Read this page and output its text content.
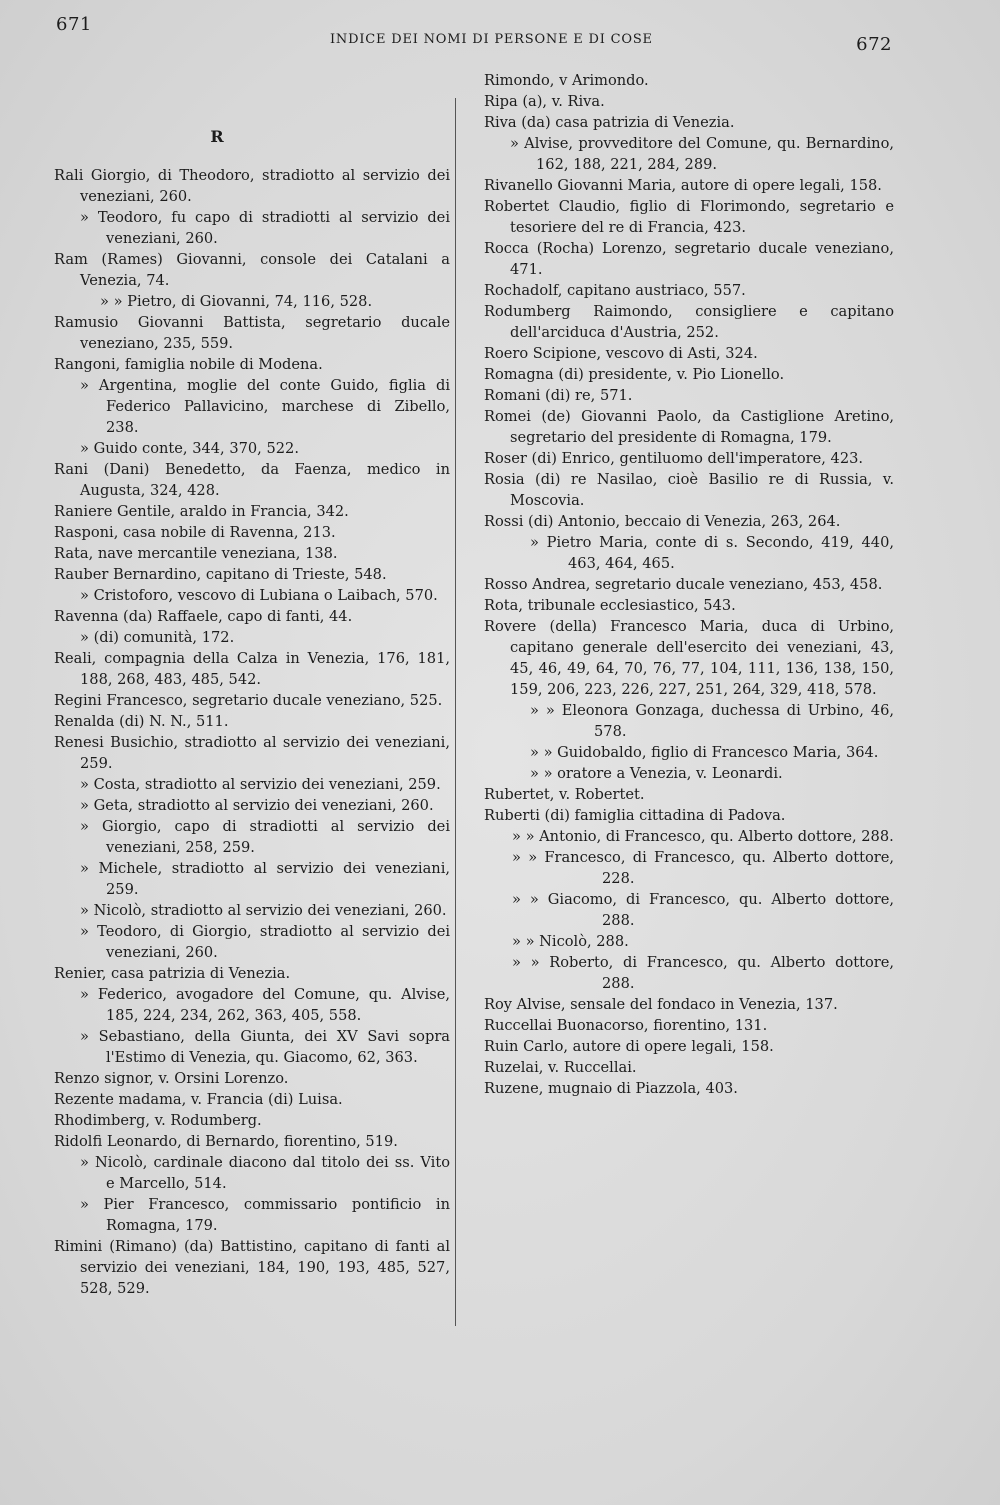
671
INDICE DEI NOMI DI PERSONE E DI COSE	672
R
Rali Giorgio, di Theodoro, stradiotto al servizio dei veneziani, 260.
» Teodoro, fu capo di stradiotti al servizio dei veneziani, 260.
Ram (Rames) Giovanni, console dei Catalani a Venezia, 74.
» » Pietro, di Giovanni, 74, 116, 528.
Ramusio Giovanni Battista, segretario ducale veneziano, 235, 559.
Rangoni, famiglia nobile di Modena.
» Argentina, moglie del conte Guido, figlia di Federico Pallavicino, marchese di Zibello, 238.
» Guido conte, 344, 370, 522.
Rani (Dani) Benedetto, da Faenza, medico in Augusta, 324, 428.
Raniere Gentile, araldo in Francia, 342.
Rasponi, casa nobile di Ravenna, 213.
Rata, nave mercantile veneziana, 138.
Rauber Bernardino, capitano di Trieste, 548.
» Cristoforo, vescovo di Lubiana o Laibach, 570.
Ravenna (da) Raffaele, capo di fanti, 44.
» (di) comunità, 172.
Reali, compagnia della Calza in Venezia, 176, 181, 188, 268, 483, 485, 542.
Regini Francesco, segretario ducale veneziano, 525.
Renalda (di) N. N., 511.
Renesi Busichio, stradiotto al servizio dei veneziani, 259.
» Costa, stradiotto al servizio dei veneziani, 259.
» Geta, stradiotto al servizio dei veneziani, 260.
» Giorgio, capo di stradiotti al servizio dei veneziani, 258, 259.
» Michele, stradiotto al servizio dei veneziani, 259.
» Nicolò, stradiotto al servizio dei veneziani, 260.
» Teodoro, di Giorgio, stradiotto al servizio dei veneziani, 260.
Renier, casa patrizia di Venezia.
» Federico, avogadore del Comune, qu. Alvise, 185, 224, 234, 262, 363, 405, 558.
» Sebastiano, della Giunta, dei XV Savi sopra l'Estimo di Venezia, qu. Giacomo, 62, 363.
Renzo signor, v. Orsini Lorenzo.
Rezente madama, v. Francia (di) Luisa.
Rhodimberg, v. Rodumberg.
Ridolfi Leonardo, di Bernardo, fiorentino, 519.
» Nicolò, cardinale diacono dal titolo dei ss. Vito e Marcello, 514.
» Pier Francesco, commissario pontificio in Romagna, 179.
Rimini (Rimano) (da) Battistino, capitano di fanti al servizio dei veneziani, 184, 190, 193, 485, 527, 528, 529.
Rimondo, v Arimondo.
Ripa (a), v. Riva.
Riva (da) casa patrizia di Venezia.
» Alvise, provveditore del Comune, qu. Bernardino, 162, 188, 221, 284, 289.
Rivanello Giovanni Maria, autore di opere legali, 158.
Robertet Claudio, figlio di Florimondo, segretario e tesoriere del re di Francia, 423.
Rocca (Rocha) Lorenzo, segretario ducale veneziano, 471.
Rochadolf, capitano austriaco, 557.
Rodumberg Raimondo, consigliere e capitano dell'arciduca d'Austria, 252.
Roero Scipione, vescovo di Asti, 324.
Romagna (di) presidente, v. Pio Lionello.
Romani (di) re, 571.
Romei (de) Giovanni Paolo, da Castiglione Aretino, segretario del presidente di Romagna, 179.
Roser (di) Enrico, gentiluomo dell'imperatore, 423.
Rosia (di) re Nasilao, cioè Basilio re di Russia, v. Moscovia.
Rossi (di) Antonio, beccaio di Venezia, 263, 264.
» Pietro Maria, conte di s. Secondo, 419, 440, 463, 464, 465.
Rosso Andrea, segretario ducale veneziano, 453, 458.
Rota, tribunale ecclesiastico, 543.
Rovere (della) Francesco Maria, duca di Urbino, capitano generale dell'esercito dei veneziani, 43, 45, 46, 49, 64, 70, 76, 77, 104, 111, 136, 138, 150, 159, 206, 223, 226, 227, 251, 264, 329, 418, 578.
» » Eleonora Gonzaga, duchessa di Urbino, 46, 578.
» » Guidobaldo, figlio di Francesco Maria, 364.
» » oratore a Venezia, v. Leonardi.
Rubertet, v. Robertet.
Ruberti (di) famiglia cittadina di Padova.
» » Antonio, di Francesco, qu. Alberto dottore, 288.
» » Francesco, di Francesco, qu. Alberto dottore, 228.
» » Giacomo, di Francesco, qu. Alberto dottore, 288.
» » Nicolò, 288.
» » Roberto, di Francesco, qu. Alberto dottore, 288.
Roy Alvise, sensale del fondaco in Venezia, 137.
Ruccellai Buonacorso, fiorentino, 131.
Ruin Carlo, autore di opere legali, 158.
Ruzelai, v. Ruccellai.
Ruzene, mugnaio di Piazzola, 403.
